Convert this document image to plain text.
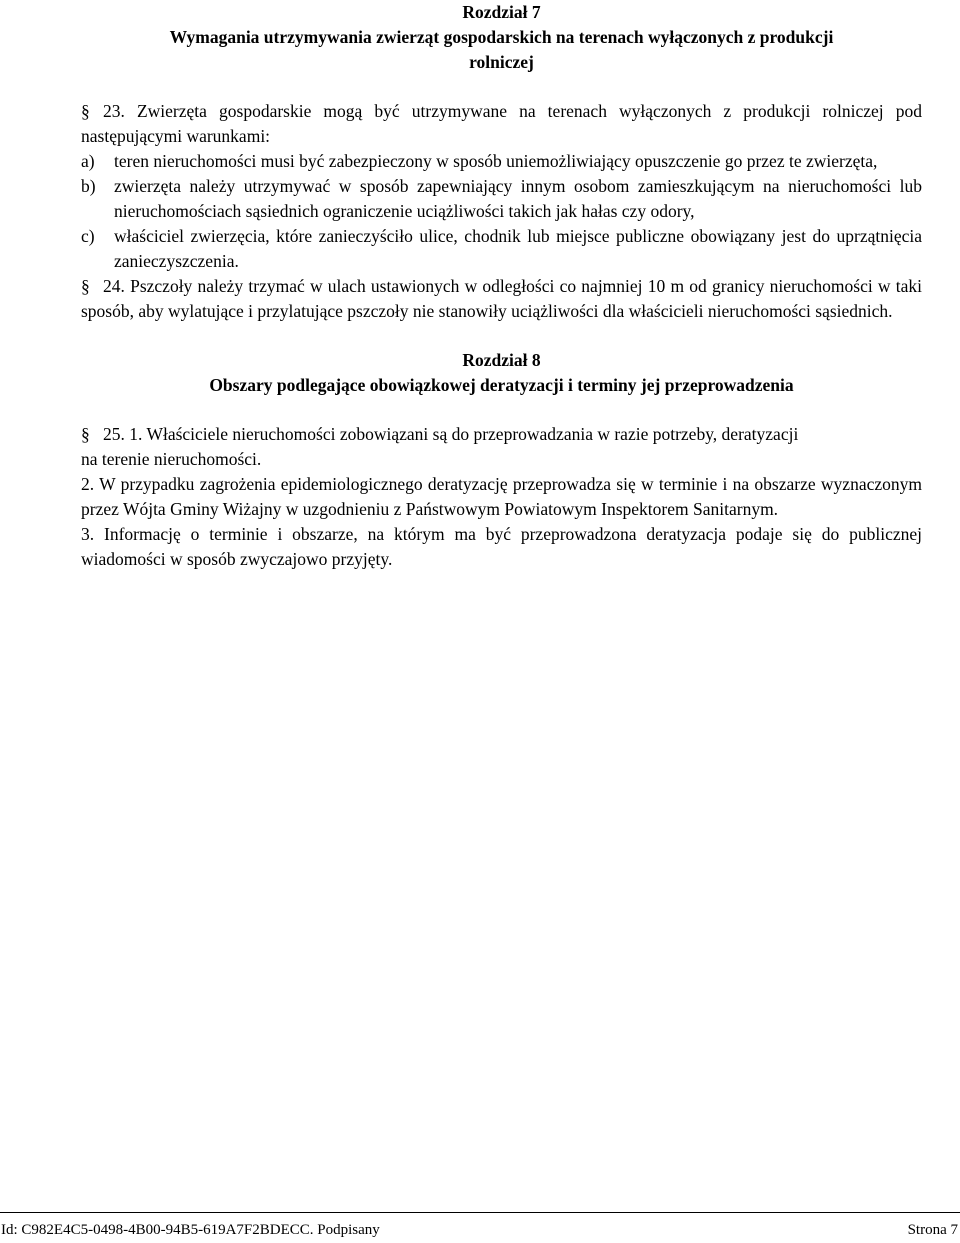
Rozdział 7
Wymagania utrzymywania zwierząt gospodarskich na terenach wyłączonych z produkcji
rolniczej

§ 23. Zwierzęta gospodarskie mogą być utrzymywane na terenach wyłączonych z produkcji rolniczej pod następującymi warunkami:

a) teren nieruchomości musi być zabezpieczony w sposób uniemożliwiający opuszczenie go przez te zwierzęta,
b) zwierzęta należy utrzymywać w sposób zapewniający innym osobom zamieszkującym na nieruchomości lub nieruchomościach sąsiednich ograniczenie uciążliwości takich jak hałas czy odory,
c) właściciel zwierzęcia, które zanieczyściło ulice, chodnik lub miejsce publiczne obowiązany jest do uprzątnięcia zanieczyszczenia.

§ 24. Pszczoły należy trzymać w ulach ustawionych w odległości co najmniej 10 m od granicy nieruchomości w taki sposób, aby wylatujące i przylatujące pszczoły nie stanowiły uciążliwości dla właścicieli nieruchomości sąsiednich.

Rozdział 8
Obszary podlegające obowiązkowej deratyzacji i terminy jej przeprowadzenia

§ 25. 1. Właściciele nieruchomości zobowiązani są do przeprowadzania w razie potrzeby, deratyzacji

na terenie nieruchomości.

2. W przypadku zagrożenia epidemiologicznego deratyzację przeprowadza się w terminie i na obszarze wyznaczonym przez Wójta Gminy Wiżajny w uzgodnieniu z Państwowym Powiatowym Inspektorem Sanitarnym.

3. Informację o terminie i obszarze, na którym ma być przeprowadzona deratyzacja podaje się do publicznej wiadomości w sposób zwyczajowo przyjęty.

Id: C982E4C5-0498-4B00-94B5-619A7F2BDECC. Podpisany	Strona 7
